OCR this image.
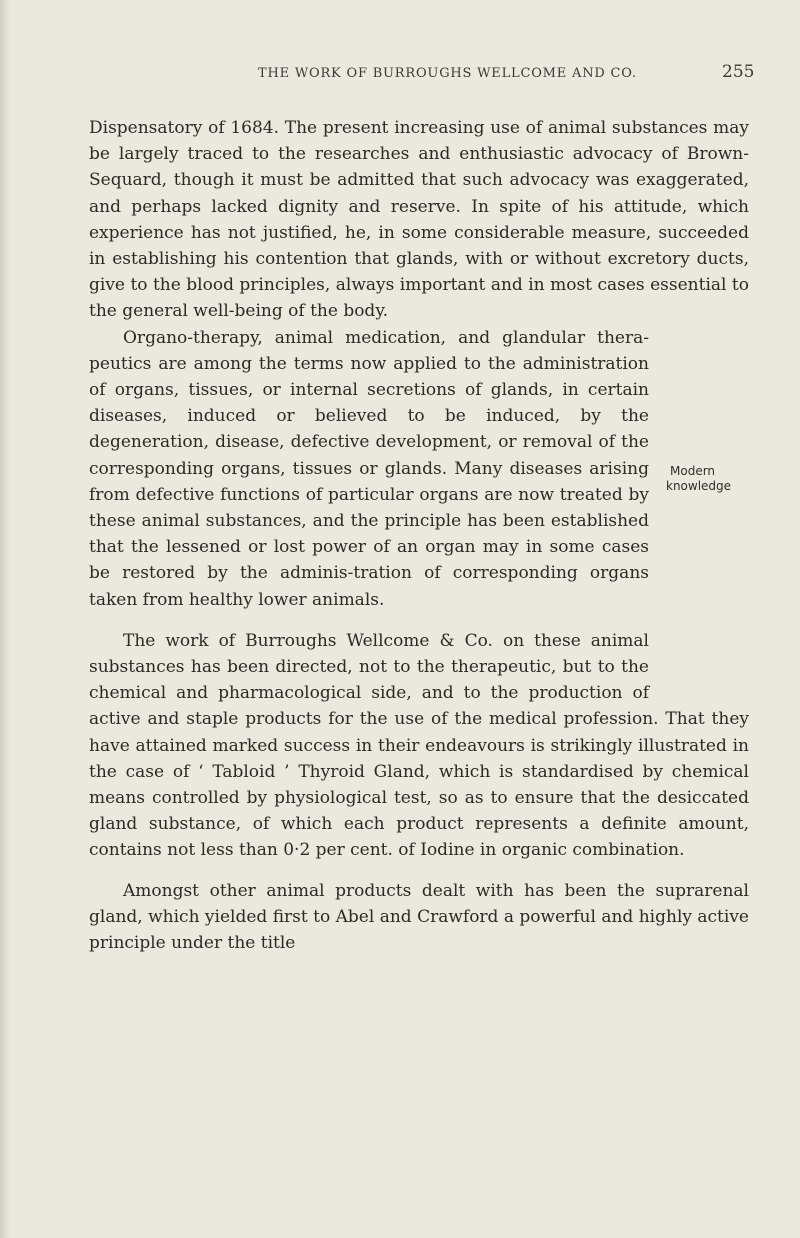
THE WORK OF BURROUGHS WELLCOME AND CO.	255
Modern
knowledge

Dispensatory of 1684. The present increasing use of animal substances may be largely traced to the researches and enthusiastic advocacy of Brown-Sequard, though it must be admitted that such advocacy was exaggerated, and perhaps lacked dignity and reserve. In spite of his attitude, which experience has not justified, he, in some considerable measure, succeeded in establishing his contention that glands, with or without excretory ducts, give to the blood principles, always important and in most cases essential to the general well-being of the body.

Organo-therapy, animal medication, and glandular thera-peutics are among the terms now applied to the administration of organs, tissues, or internal secretions of glands, in certain diseases, induced or believed to be induced, by the degeneration, disease, defective development, or removal of the corresponding organs, tissues or glands. Many diseases arising from defective functions of particular organs are now treated by these animal substances, and the principle has been established that the lessened or lost power of an organ may in some cases be restored by the adminis-tration of corresponding organs taken from healthy lower animals.

The work of Burroughs Wellcome & Co. on these animal substances has been directed, not to the therapeutic, but to the chemical and pharmacological side, and to the production of active and staple products for the use of the medical profession. That they have attained marked success in their endeavours is strikingly illustrated in the case of ‘ Tabloid ’ Thyroid Gland, which is standardised by chemical means controlled by physiological test, so as to ensure that the desiccated gland substance, of which each product represents a definite amount, contains not less than 0·2 per cent. of Iodine in organic combination.

Amongst other animal products dealt with has been the suprarenal gland, which yielded first to Abel and Crawford a powerful and highly active principle under the title
